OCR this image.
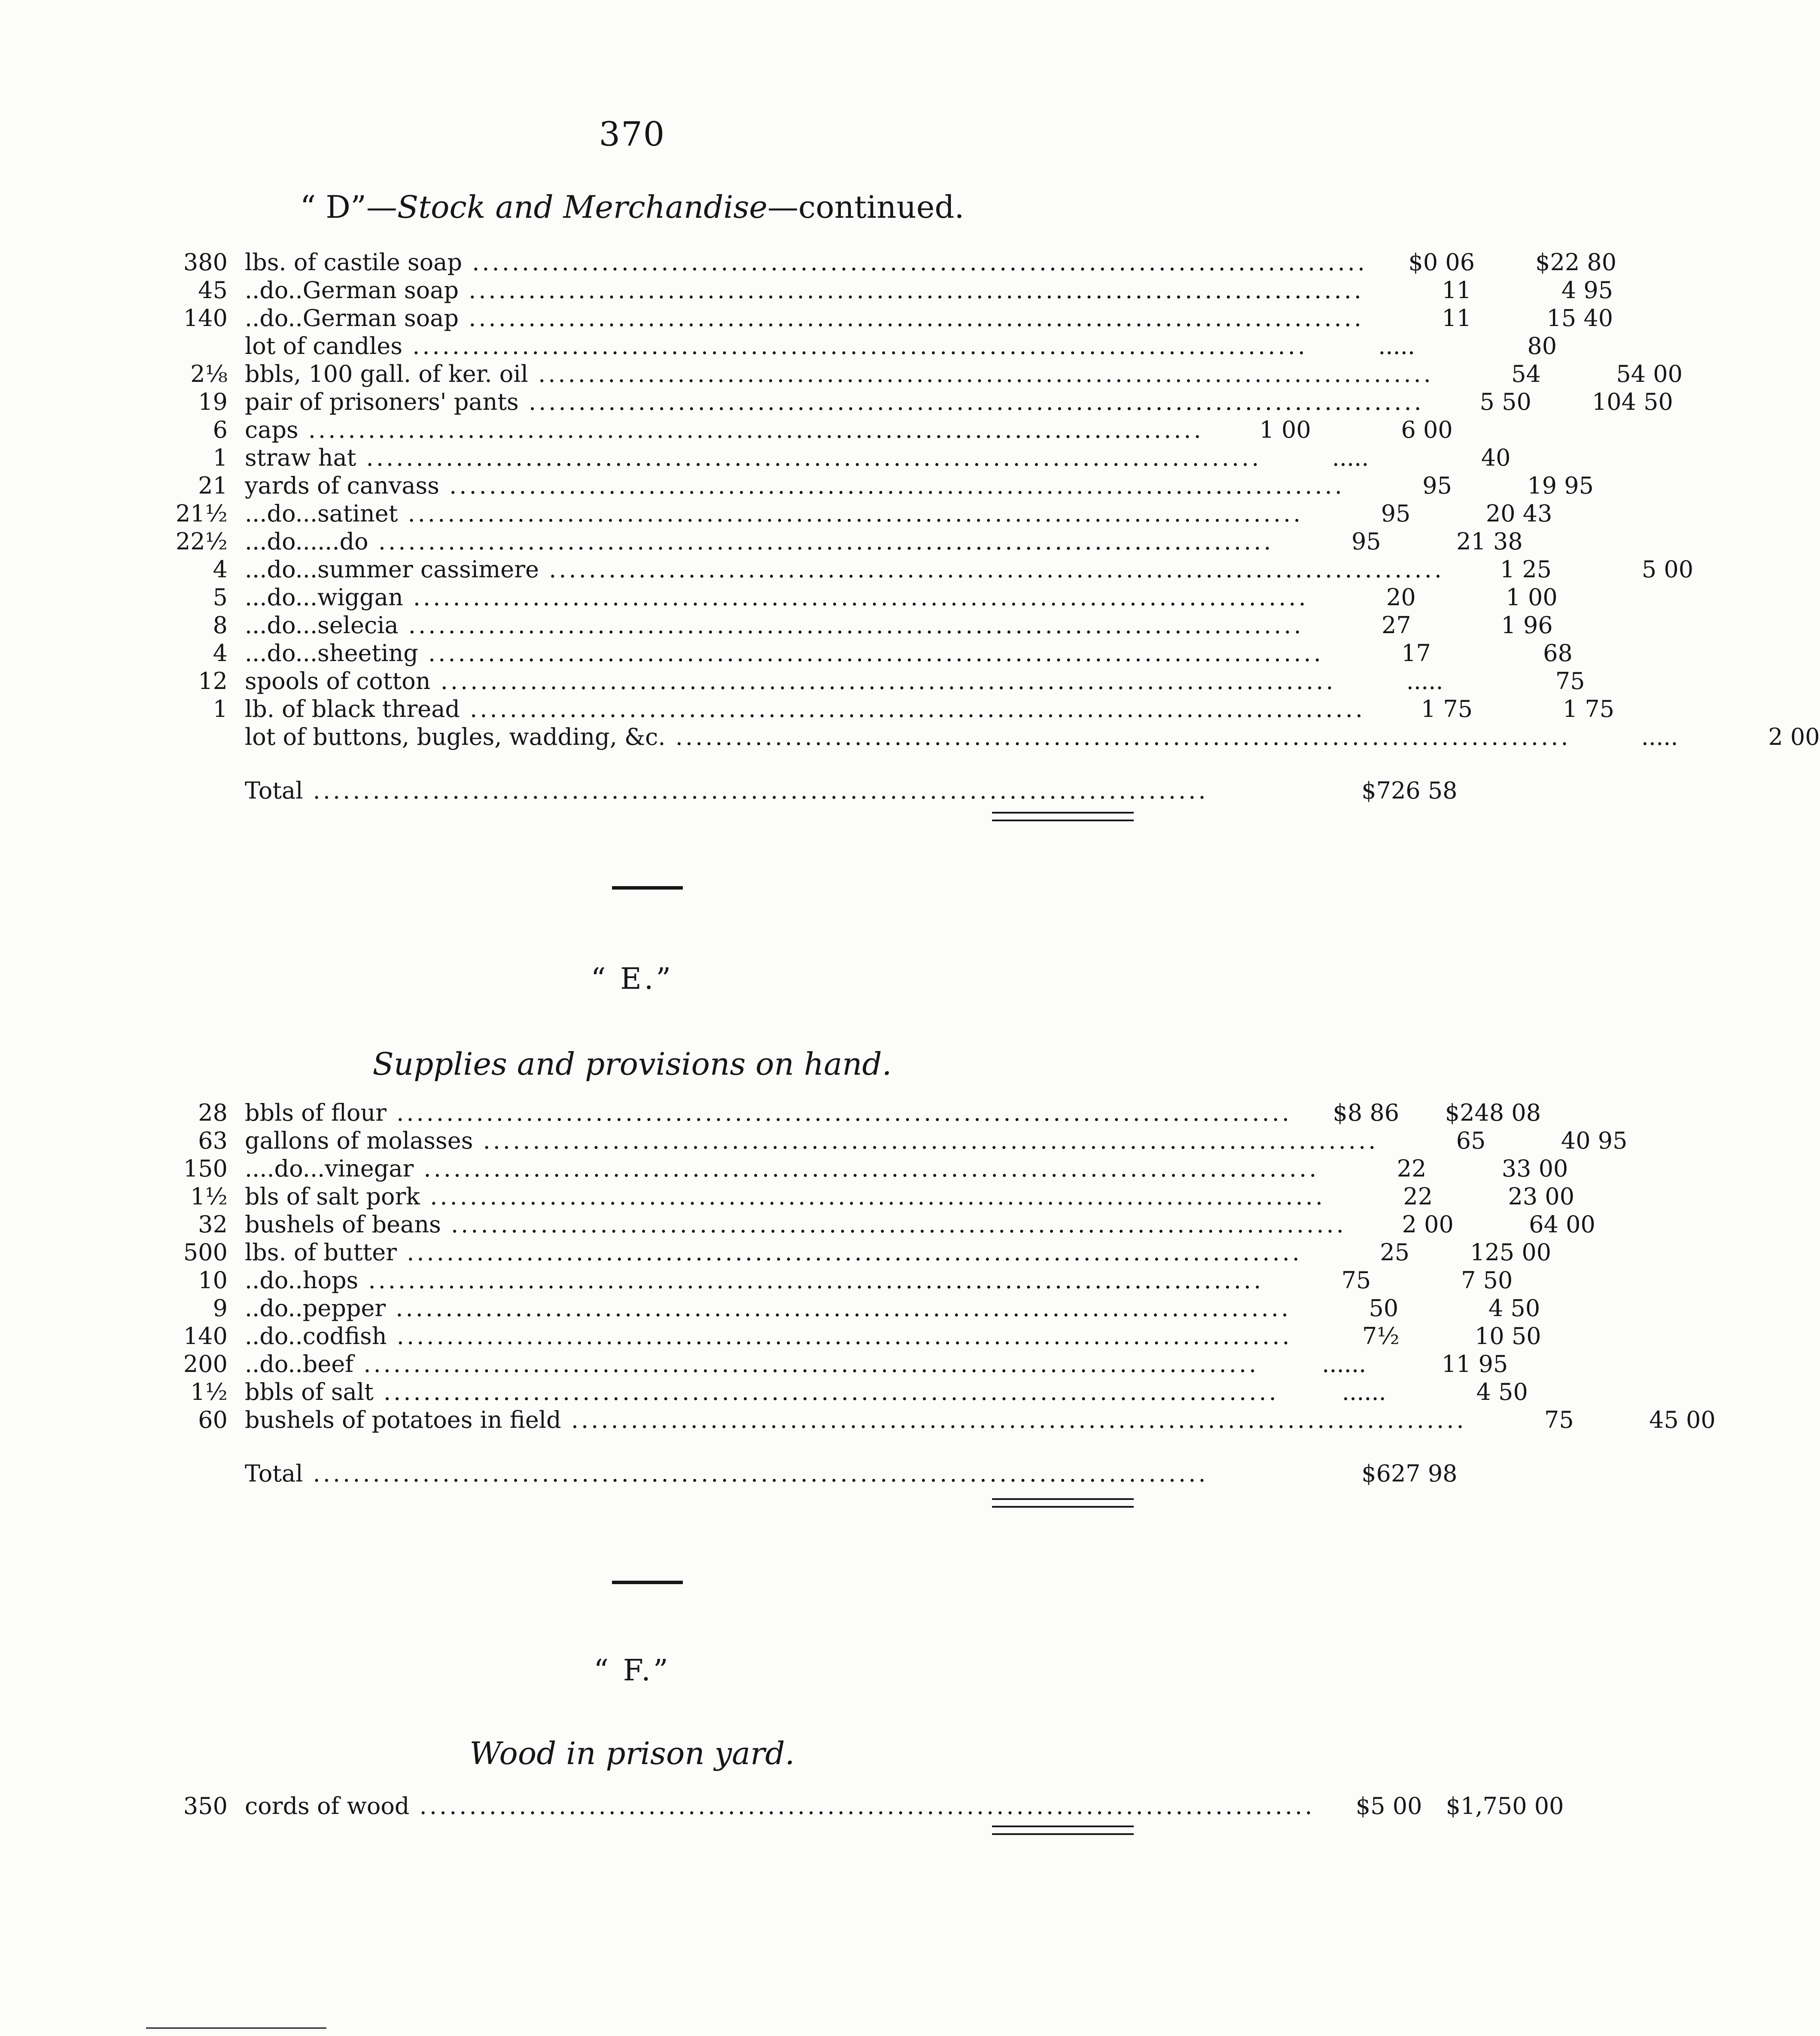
370
“ D”—Stock and Merchandise—continued.
380 lbs. of castile soap ..........................................................................................	$0 06	$22 80
45 ..do..German soap ..........................................................................................	11	4 95
140 ..do..German soap ..........................................................................................	11	15 40
lot of candles ..........................................................................................	.....	80
2⅛ bbls, 100 gall. of ker. oil ..........................................................................................	54	54 00
19 pair of prisoners' pants ..........................................................................................	5 50	104 50
6 caps ..........................................................................................	1 00	6 00
1 straw hat ..........................................................................................	.....	40
21 yards of canvass ..........................................................................................	95	19 95
21½ ...do...satinet ..........................................................................................	95	20 43
22½ ...do......do ..........................................................................................	95	21 38
4 ...do...summer cassimere ..........................................................................................	1 25	5 00
5 ...do...wiggan ..........................................................................................	20	1 00
8 ...do...selecia ..........................................................................................	27	1 96
4 ...do...sheeting ..........................................................................................	17	68
12 spools of cotton ..........................................................................................	.....	75
1 lb. of black thread ..........................................................................................	1 75	1 75
lot of buttons, bugles, wadding, &c. ..........................................................................................	.....	2 00
Total ..........................................................................................	$726 58
“ E.”
Supplies and provisions on hand.
28 bbls of flour ..........................................................................................	$8 86	$248 08
63 gallons of molasses ..........................................................................................	65	40 95
150 ....do...vinegar ..........................................................................................	22	33 00
1½ bls of salt pork ..........................................................................................	22	23 00
32 bushels of beans ..........................................................................................	2 00	64 00
500 lbs. of butter ..........................................................................................	25	125 00
10 ..do..hops ..........................................................................................	75	7 50
9 ..do..pepper ..........................................................................................	50	4 50
140 ..do..codfish ..........................................................................................	7½	10 50
200 ..do..beef ..........................................................................................	......	11 95
1½ bbls of salt ..........................................................................................	......	4 50
60 bushels of potatoes in field ..........................................................................................	75	45 00
Total ..........................................................................................	$627 98
“ F.”
Wood in prison yard.
350 cords of wood ..........................................................................................	$5 00	$1,750 00
